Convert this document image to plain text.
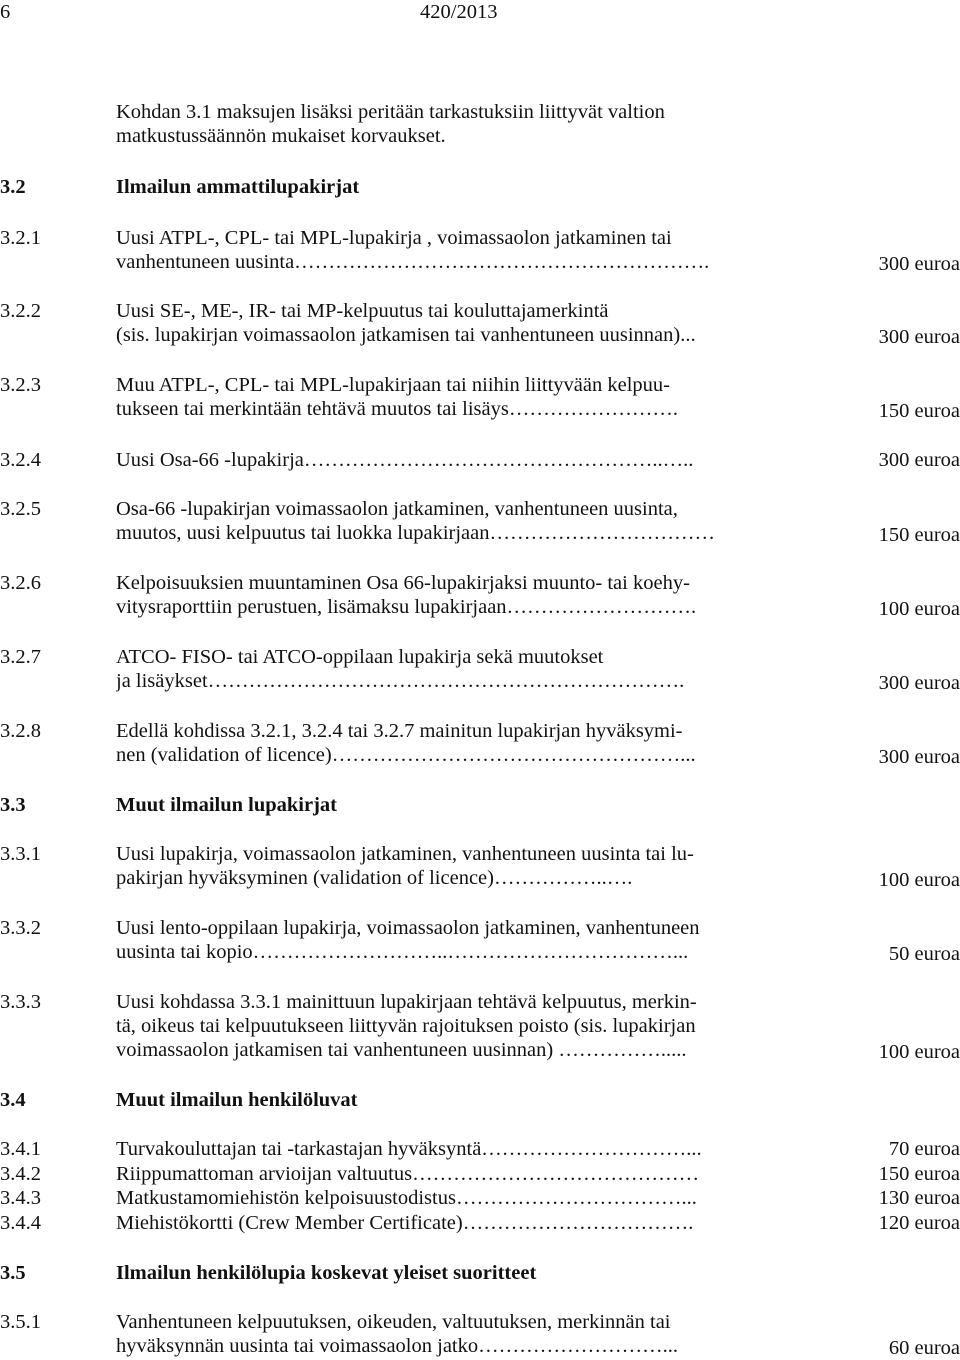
6	420/2013
Kohdan 3.1 maksujen lisäksi peritään tarkastuksiin liittyvät valtion
matkustussäännön mukaiset korvaukset.
3.2	Ilmailun ammattilupakirjat
3.2.1	Uusi ATPL-, CPL- tai MPL-lupakirja , voimassaolon jatkaminen tai
vanhentuneen uusinta…………………………………………………….	300 euroa
3.2.2	Uusi SE-, ME-, IR- tai MP-kelpuutus tai kouluttajamerkintä
(sis. lupakirjan voimassaolon jatkamisen tai vanhentuneen uusinnan)...	300 euroa
3.2.3	Muu ATPL-, CPL- tai MPL-lupakirjaan tai niihin liittyvään kelpuu-
tukseen tai merkintään tehtävä muutos tai lisäys…………………….	150 euroa
3.2.4	Uusi Osa-66 -lupakirja……………………………………………..…..	300 euroa
3.2.5	Osa-66 -lupakirjan voimassaolon jatkaminen, vanhentuneen uusinta,
muutos, uusi kelpuutus tai luokka lupakirjaan……………………………	150 euroa
3.2.6	Kelpoisuuksien muuntaminen Osa 66-lupakirjaksi muunto- tai koehy-
vitysraporttiin perustuen, lisämaksu lupakirjaan……………………….	100 euroa
3.2.7	ATCO- FISO- tai ATCO-oppilaan lupakirja sekä muutokset
ja lisäykset…………………………………………………………….	300 euroa
3.2.8	Edellä kohdissa 3.2.1, 3.2.4 tai 3.2.7 mainitun lupakirjan hyväksymi-
nen (validation of licence)……………………………………………...	300 euroa
3.3	Muut ilmailun lupakirjat
3.3.1	Uusi lupakirja, voimassaolon jatkaminen, vanhentuneen uusinta tai lu-
pakirjan hyväksyminen (validation of licence)……………..….	100 euroa
3.3.2	Uusi lento-oppilaan lupakirja, voimassaolon jatkaminen, vanhentuneen
uusinta tai kopio………………………..……………………………...	50 euroa
3.3.3	Uusi kohdassa 3.3.1 mainittuun lupakirjaan tehtävä kelpuutus, merkin-
tä, oikeus tai kelpuutukseen liittyvän rajoituksen poisto (sis. lupakirjan
voimassaolon jatkamisen tai vanhentuneen uusinnan) …………….....	100 euroa
3.4	Muut ilmailun henkilöluvat
3.4.1	Turvakouluttajan tai -tarkastajan hyväksyntä…………………………...	70 euroa
3.4.2	Riippumattoman arvioijan valtuutus……………………………………	150 euroa
3.4.3	Matkustamomiehistön kelpoisuustodistus……………………………...	130 euroa
3.4.4	Miehistökortti (Crew Member Certificate)…………………………….	120 euroa
3.5	Ilmailun henkilölupia koskevat yleiset suoritteet
3.5.1	Vanhentuneen kelpuutuksen, oikeuden, valtuutuksen, merkinnän tai
hyväksynnän uusinta tai voimassaolon jatko………………………...	60 euroa
